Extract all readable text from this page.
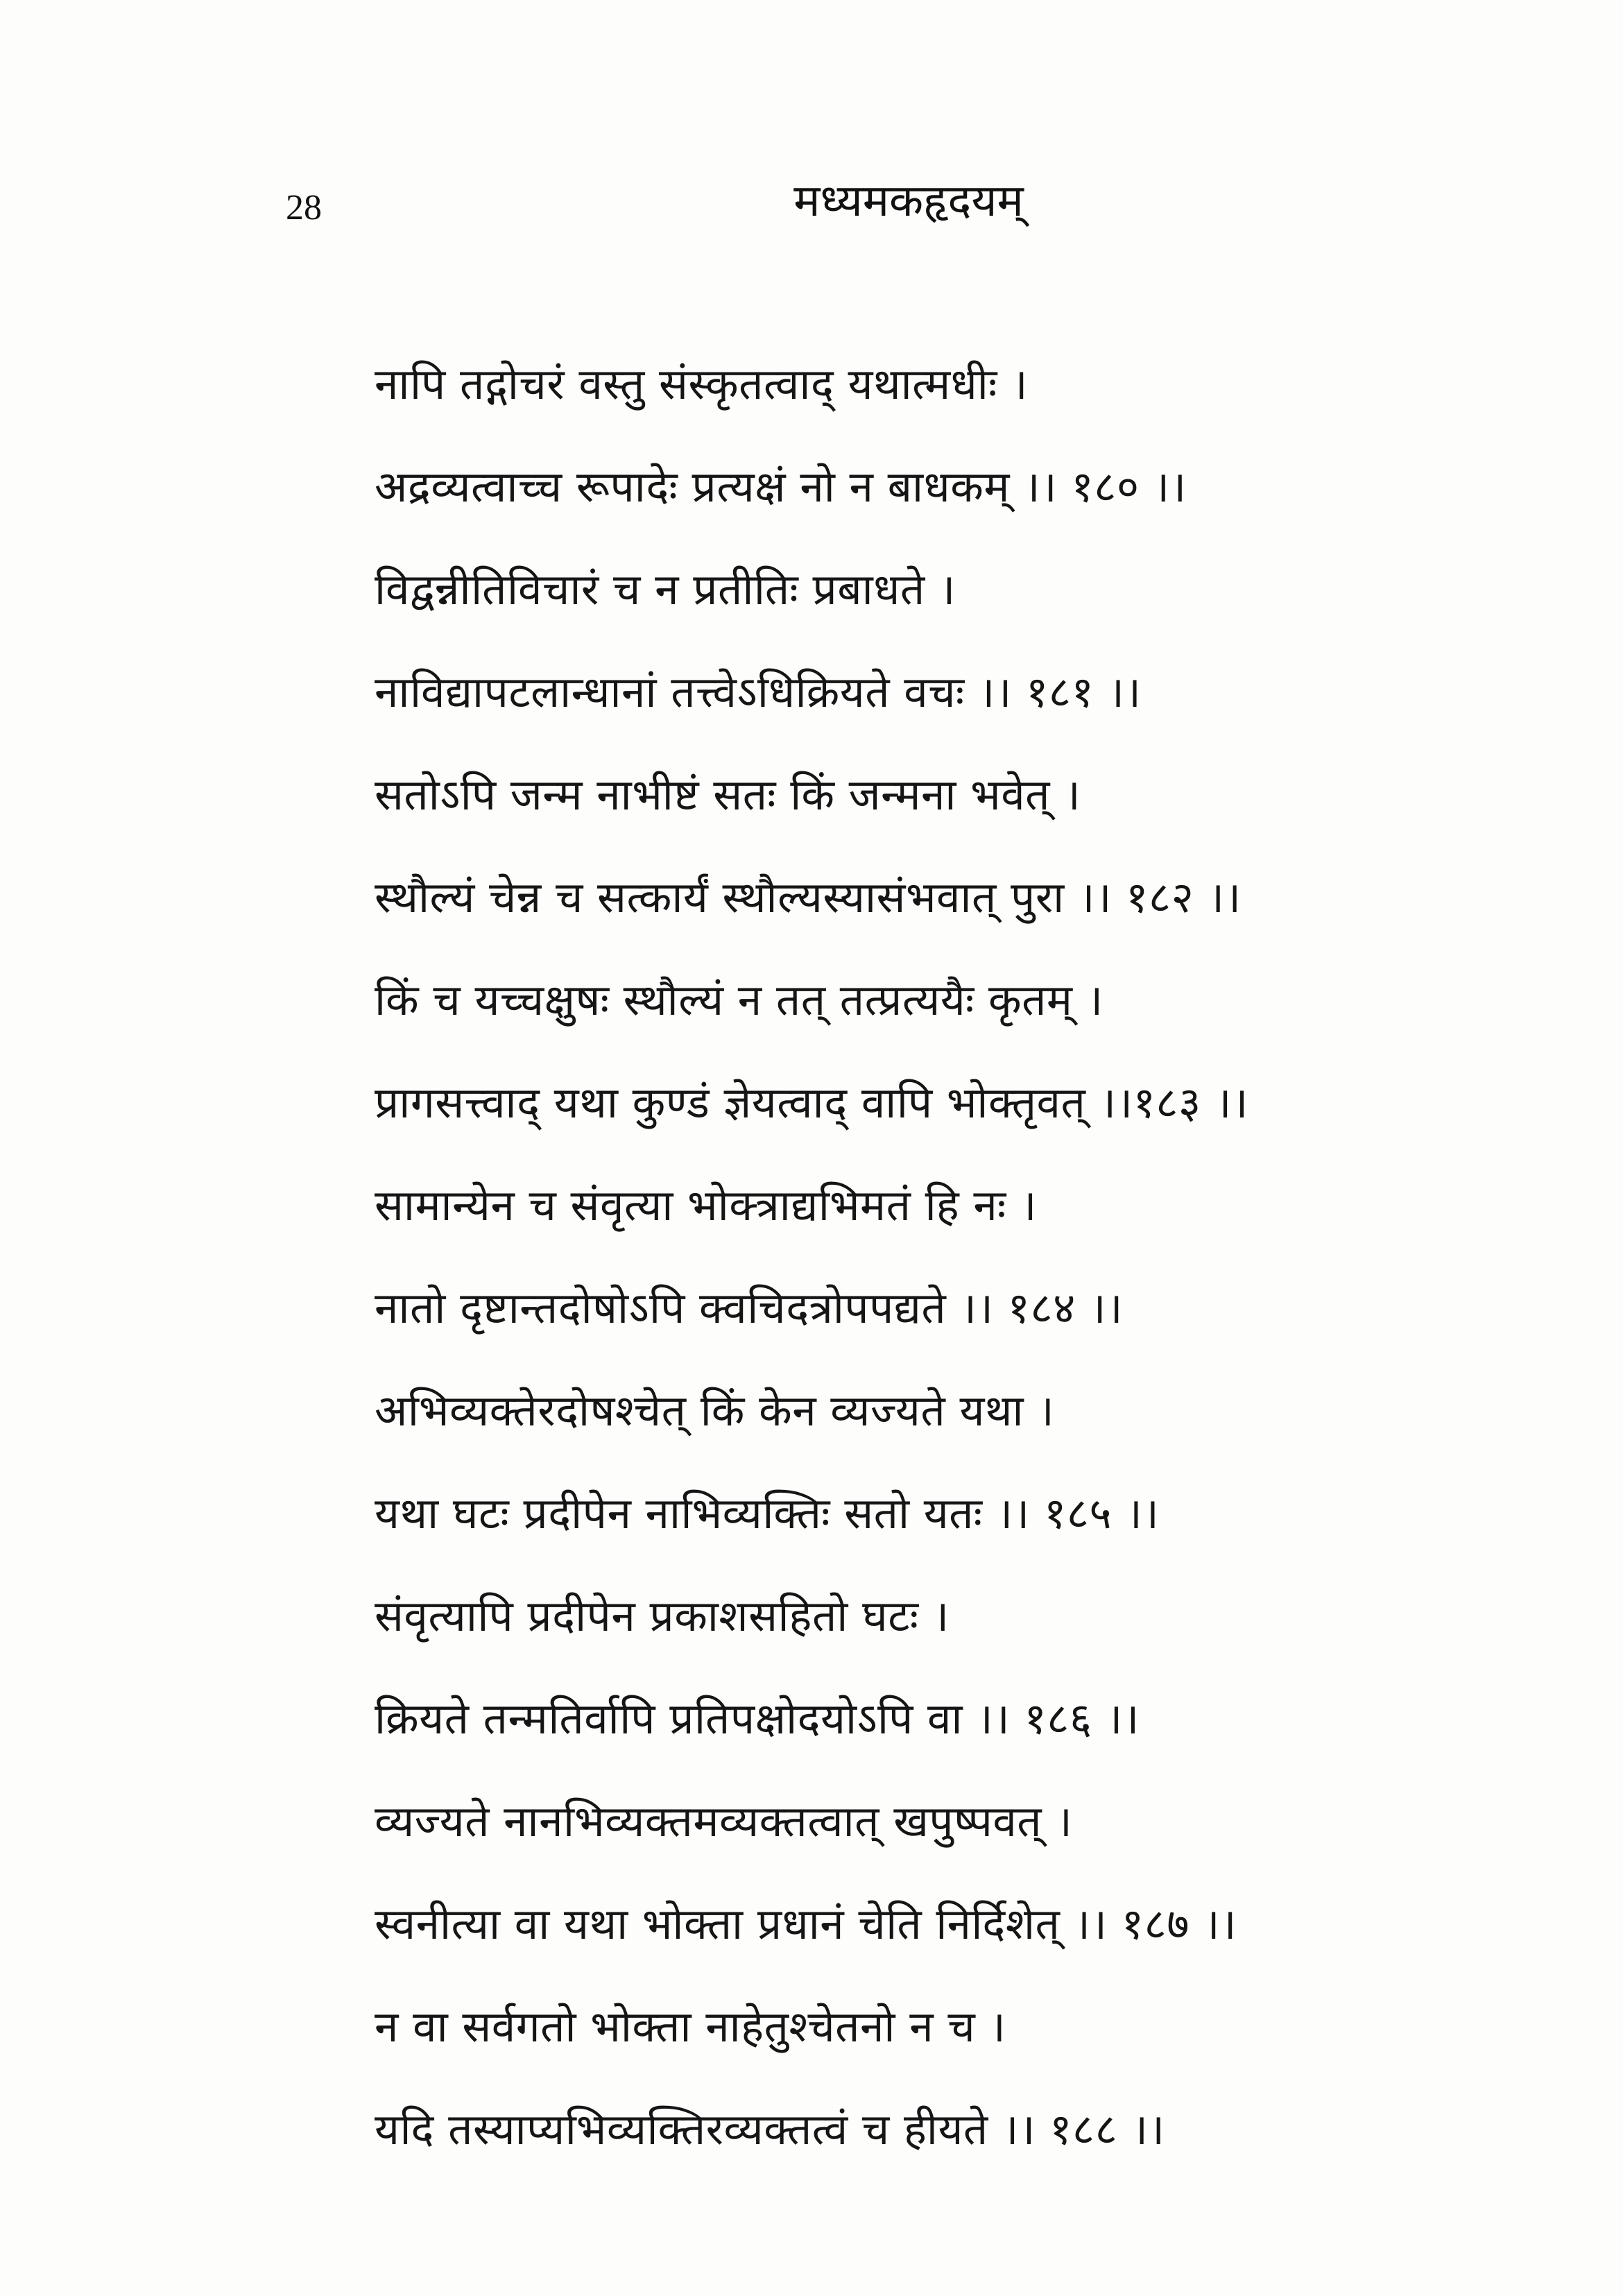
28	मध्यमकहृदयम्
नापि तद्गोचरं वस्तु संस्कृतत्वाद् यथात्मधीः ।
अद्रव्यत्वाच्च रूपादेः प्रत्यक्षं नो न बाधकम् ।। १८० ।।
विद्वन्नीतिविचारं च न प्रतीतिः प्रबाधते ।
नाविद्यापटलान्धानां तत्त्वेऽधिक्रियते वचः ।। १८१ ।।
सतोऽपि जन्म नाभीष्टं सतः किं जन्मना भवेत् ।
स्थौल्यं चेन्न च सत्कार्यं स्थौल्यस्यासंभवात् पुरा ।। १८२ ।।
किं च यच्चक्षुषः स्थौल्यं न तत् तत्प्रत्ययैः कृतम् ।
प्रागसत्त्वाद् यथा कुण्डं ज्ञेयत्वाद् वापि भोक्तृवत् ।।१८३ ।।
सामान्येन च संवृत्या भोक्त्राद्यभिमतं हि नः ।
नातो दृष्टान्तदोषोऽपि क्वचिदत्रोपपद्यते ।। १८४ ।।
अभिव्यक्तेरदोषश्चेत् किं केन व्यज्यते यथा ।
यथा घटः प्रदीपेन नाभिव्यक्तिः सतो यतः ।। १८५ ।।
संवृत्यापि प्रदीपेन प्रकाशसहितो घटः ।
क्रियते तन्मतिर्वापि प्रतिपक्षोदयोऽपि वा ।। १८६ ।।
व्यज्यते नानभिव्यक्तमव्यक्तत्वात् खपुष्पवत् ।
स्वनीत्या वा यथा भोक्ता प्रधानं चेति निर्दिशेत् ।। १८७ ।।
न वा सर्वगतो भोक्ता नाहेतुश्चेतनो न च ।
यदि तस्याप्यभिव्यक्तिरव्यक्तत्वं च हीयते ।। १८८ ।।
